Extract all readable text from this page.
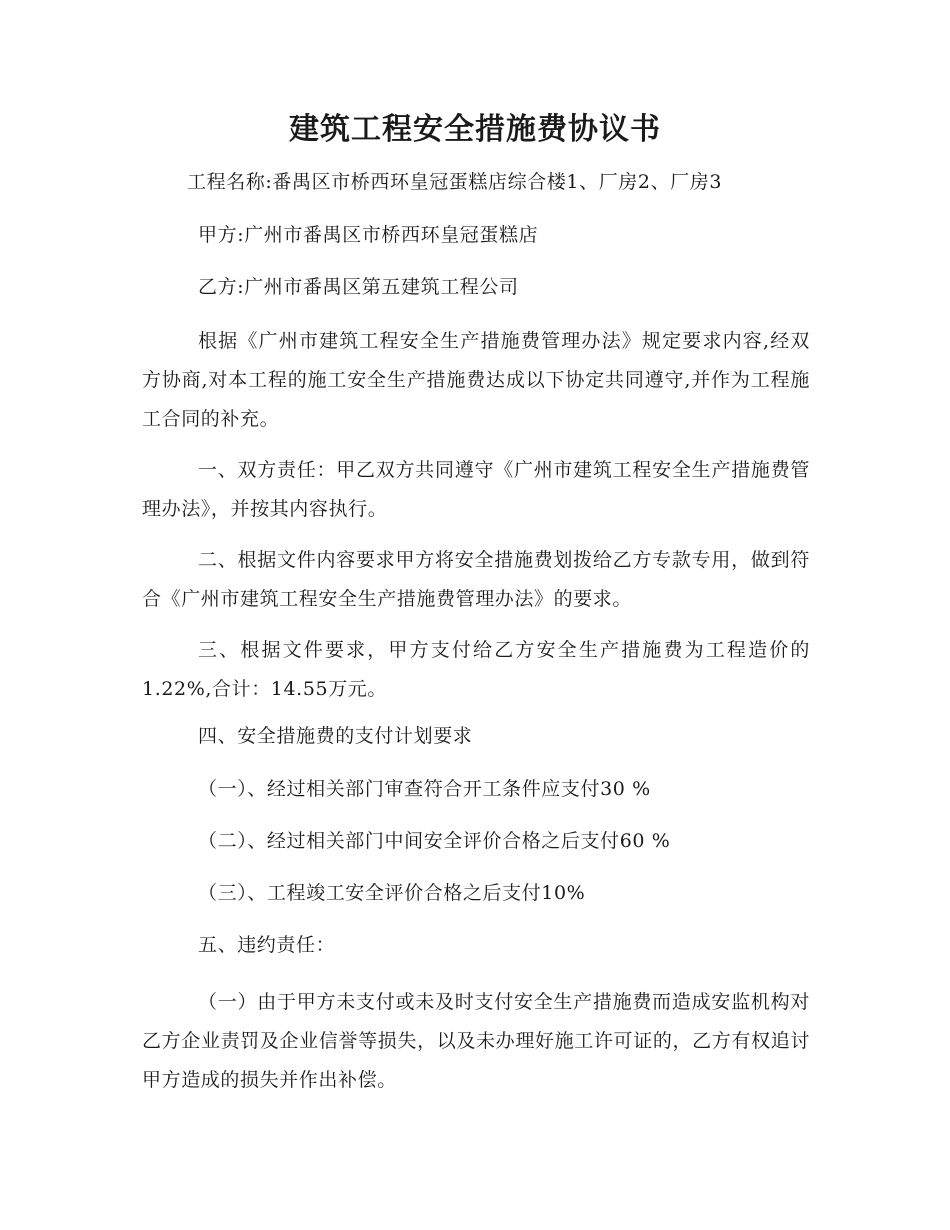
建筑工程安全措施费协议书
工程名称:番禺区市桥西环皇冠蛋糕店综合楼1、厂房2、厂房3
甲方:广州市番禺区市桥西环皇冠蛋糕店
乙方:广州市番禺区第五建筑工程公司

根据《广州市建筑工程安全生产措施费管理办法》规定要求内容,经双方协商,对本工程的施工安全生产措施费达成以下协定共同遵守,并作为工程施工合同的补充。

一、双方责任：甲乙双方共同遵守《广州市建筑工程安全生产措施费管理办法》，并按其内容执行。

二、根据文件内容要求甲方将安全措施费划拨给乙方专款专用，做到符合《广州市建筑工程安全生产措施费管理办法》的要求。

三、根据文件要求，甲方支付给乙方安全生产措施费为工程造价的1.22%,合计：14.55万元。

四、安全措施费的支付计划要求
（一）、经过相关部门审查符合开工条件应支付30 %
（二）、经过相关部门中间安全评价合格之后支付60 %
（三）、工程竣工安全评价合格之后支付10%
五、违约责任：

（一）由于甲方未支付或未及时支付安全生产措施费而造成安监机构对乙方企业责罚及企业信誉等损失，以及未办理好施工许可证的，乙方有权追讨甲方造成的损失并作出补偿。
